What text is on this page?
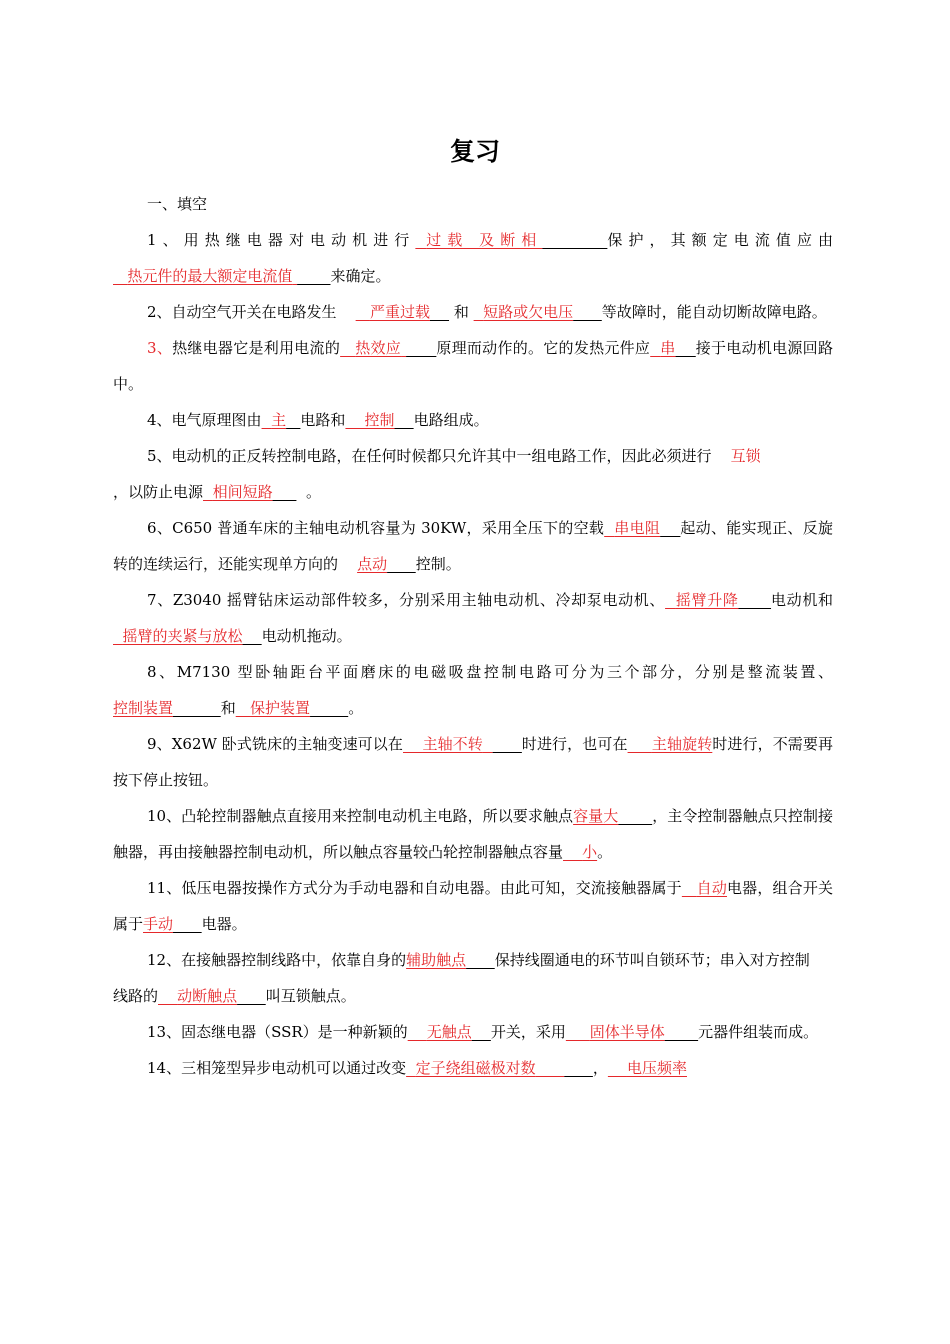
复习

一、填空

1、用热继电器对电动机进行 过载 及断相	保护，其额定电流值应由   热元件的最大额定电流值	来确定。

2、自动空气开关在电路发生 严重过载 和 短路或欠电压 等故障时，能自动切断故障电路。

3、热继电器它是利用电流的 热效应 原理而动作的。它的发热元件应 串 接于电动机电源回路中。

4、电气原理图由 主 电路和 控制 电路组成。

5、电动机的正反转控制电路，在任何时候都只允许其中一组电路工作，因此必须进行 互锁
，以防止电源 相间短路 。

6、C650 普通车床的主轴电动机容量为 30KW，采用全压下的空载 串电阻 起动、能实现正、反旋转的连续运行，还能实现单方向的 点动 控制。

7、Z3040 摇臂钻床运动部件较多，分别采用主轴电动机、冷却泵电动机、 摇臂升降 电动机和  摇臂的夹紧与放松 电动机拖动。

8、M7130 型卧轴距台平面磨床的电磁吸盘控制电路可分为三个部分，分别是整流装置、控制装置	和 保护装置	。

9、X62W 卧式铣床的主轴变速可以在 主轴不转	时进行，也可在 主轴旋转时进行，不需要再按下停止按钮。

10、凸轮控制器触点直接用来控制电动机主电路，所以要求触点容量大 ，主令控制器触点只控制接触器，再由接触器控制电动机，所以触点容量较凸轮控制器触点容量 小。

11、低压电器按操作方式分为手动电器和自动电器。由此可知，交流接触器属于 自动电器，组合开关属于手动 电器。

12、在接触器控制线路中，依靠自身的辅助触点 保持线圈通电的环节叫自锁环节；串入对方控制

线路的 动断触点 叫互锁触点。

13、固态继电器（SSR）是一种新颖的 无触点 开关，采用 固体半导体 元器件组装而成。

14、三相笼型异步电动机可以通过改变 定子绕组磁极对数	， 电压频率
